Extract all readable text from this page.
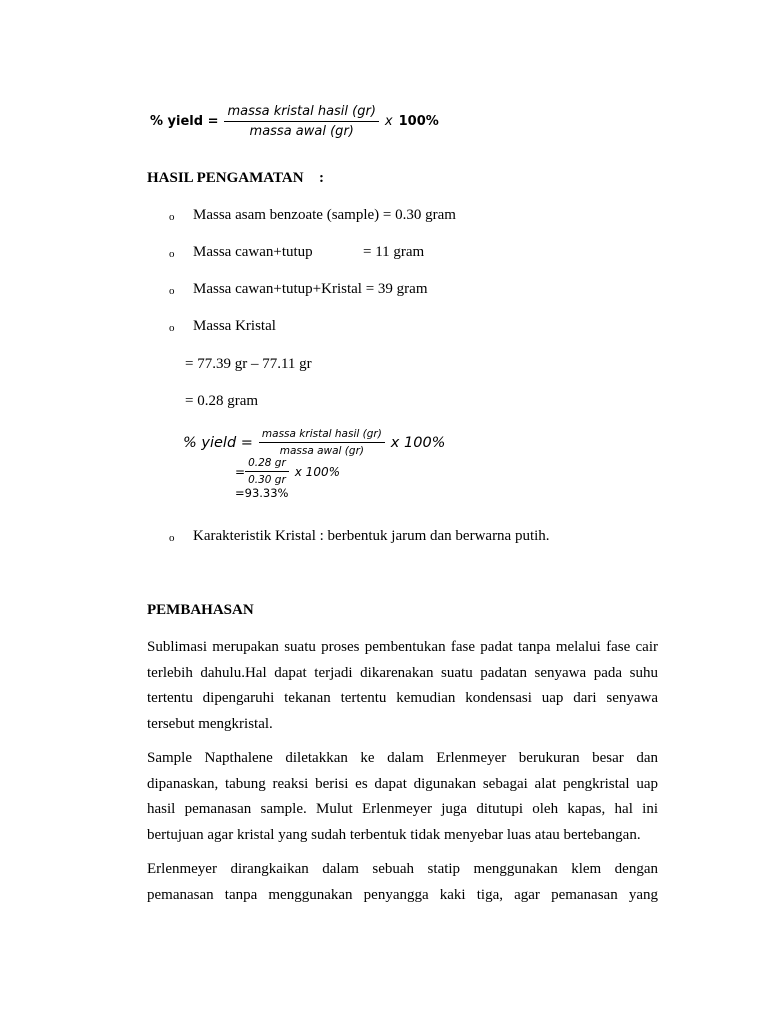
% yield = $\frac{\text{massa kristal hasil (gr)}}{\text{massa awal (gr)}}$ x 100%
HASIL PENGAMATAN :
o Massa asam benzoate (sample) = 0.30 gram
o Massa cawan+tutup	= 11 gram
o Massa cawan+tutup+Kristal = 39 gram
o Massa Kristal
= 77.39 gr – 77.11 gr
= 0.28 gram
% yield = $\frac{\text{massa kristal hasil (gr)}}{\text{massa awal (gr)}}$ x 100%
= $\frac{0.28 gr}{0.30 gr}$ x 100%
=93.33%
o Karakteristik Kristal : berbentuk jarum dan berwarna putih.
PEMBAHASAN

Sublimasi merupakan suatu proses pembentukan fase padat tanpa melalui fase cair terlebih dahulu.Hal dapat terjadi dikarenakan suatu padatan senyawa pada suhu tertentu dipengaruhi tekanan tertentu kemudian kondensasi uap dari senyawa tersebut mengkristal.

Sample Napthalene diletakkan ke dalam Erlenmeyer berukuran besar dan dipanaskan, tabung reaksi berisi es dapat digunakan sebagai alat pengkristal uap hasil pemanasan sample. Mulut Erlenmeyer juga ditutupi oleh kapas, hal ini bertujuan agar kristal yang sudah terbentuk tidak menyebar luas atau bertebangan.

Erlenmeyer dirangkaikan dalam sebuah statip menggunakan klem dengan pemanasan tanpa menggunakan penyangga kaki tiga, agar pemanasan yang
